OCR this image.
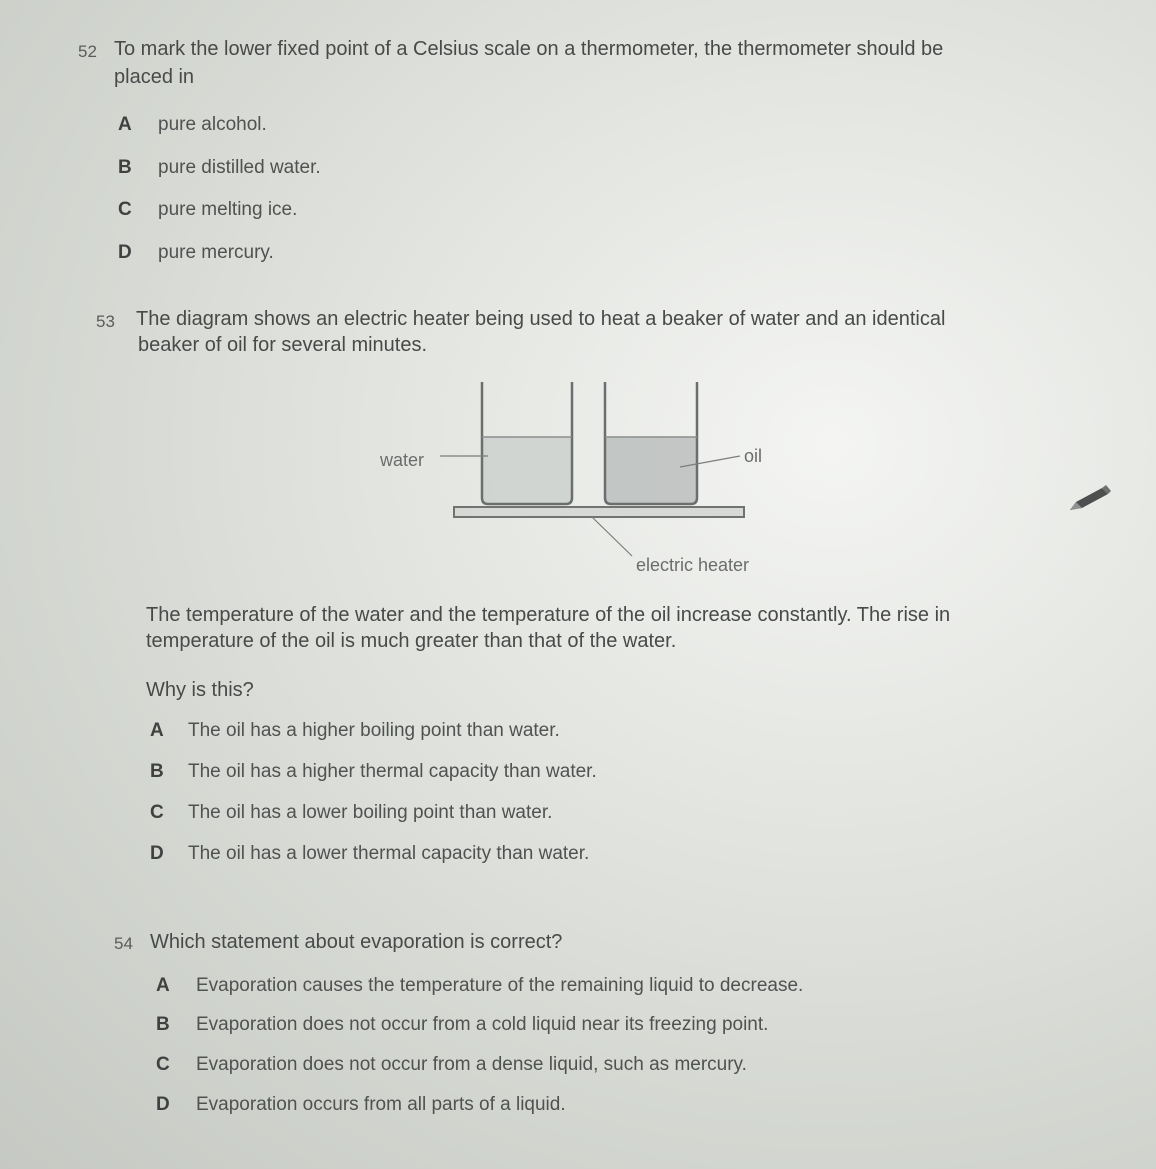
52 To mark the lower fixed point of a Celsius scale on a thermometer, the thermometer should be
placed in
A pure alcohol.
B pure distilled water.
C pure melting ice.
D pure mercury.
53 The diagram shows an electric heater being used to heat a beaker of water and an identical
beaker of oil for several minutes.
water	oil
electric heater
The temperature of the water and the temperature of the oil increase constantly. The rise in
temperature of the oil is much greater than that of the water.
Why is this?
A The oil has a higher boiling point than water.
B The oil has a higher thermal capacity than water.
C The oil has a lower boiling point than water.
D The oil has a lower thermal capacity than water.
54 Which statement about evaporation is correct?
A Evaporation causes the temperature of the remaining liquid to decrease.
B Evaporation does not occur from a cold liquid near its freezing point.
C Evaporation does not occur from a dense liquid, such as mercury.
D Evaporation occurs from all parts of a liquid.
